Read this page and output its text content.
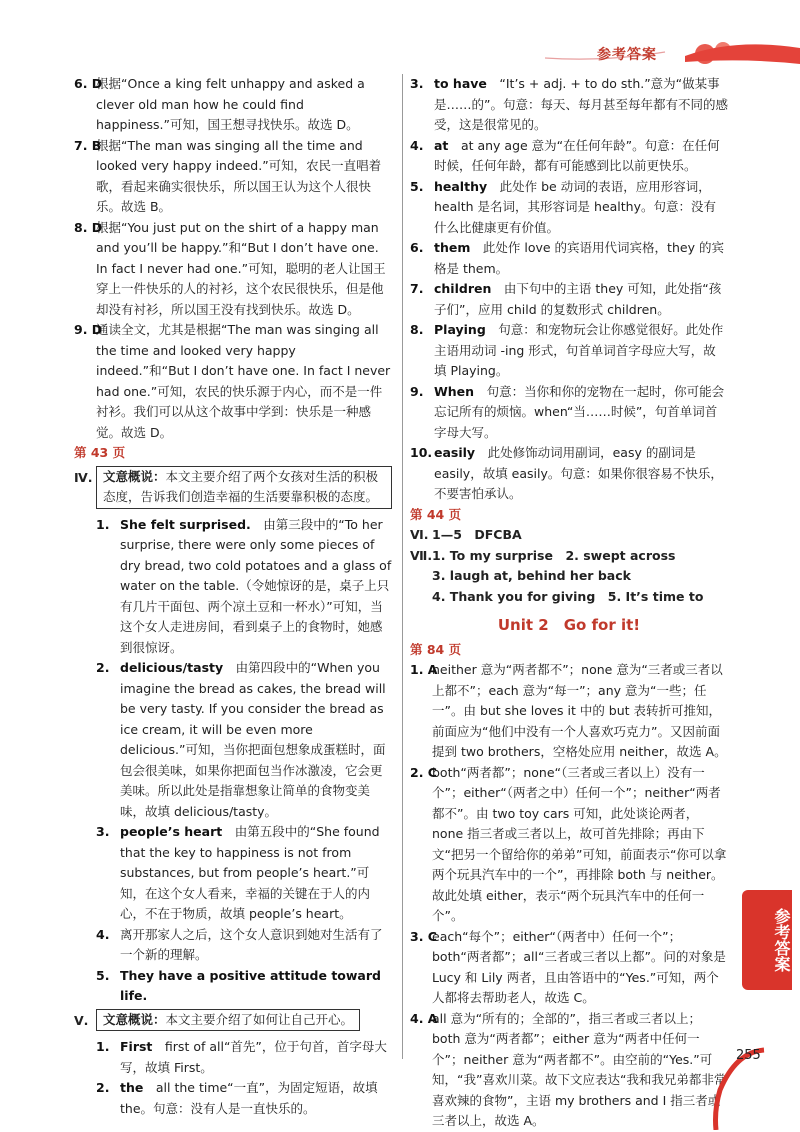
参考答案

6. D
根据“Once a king felt unhappy and asked a clever old man how he could find happiness.”可知，国王想寻找快乐。故选 D。

7. B
根据“The man was singing all the time and looked very happy indeed.”可知，农民一直唱着歌，看起来确实很快乐，所以国王认为这个人很快乐。故选 B。

8. D
根据“You just put on the shirt of a happy man and you’ll be happy.”和“But I don’t have one. In fact I never had one.”可知，聪明的老人让国王穿上一件快乐的人的衬衫，这个农民很快乐，但是他却没有衬衫，所以国王没有找到快乐。故选 D。

9. D
通读全文，尤其是根据“The man was singing all the time and looked very happy indeed.”和“But I don’t have one. In fact I never had one.”可知，农民的快乐源于内心，而不是一件衬衫。我们可以从这个故事中学到：快乐是一种感觉。故选 D。

第 43 页

Ⅳ. 文意概说：本文主要介绍了两个女孩对生活的积极态度，告诉我们创造幸福的生活要靠积极的态度。

1. She felt surprised.　 由第三段中的“To her surprise, there were only some pieces of dry bread, two cold potatoes and a glass of water on the table.（令她惊讶的是，桌子上只有几片干面包、两个凉土豆和一杯水）”可知，当这个女人走进房间，看到桌子上的食物时，她感到很惊讶。

2. delicious/tasty　 由第四段中的“When you imagine the bread as cakes, the bread will be very tasty. If you consider the bread as ice cream, it will be even more delicious.”可知，当你把面包想象成蛋糕时，面包会很美味，如果你把面包当作冰激凌，它会更美味。所以此处是指靠想象让简单的食物变美味，故填 delicious/tasty。

3. people’s heart　 由第五段中的“She found that the key to happiness is not from substances, but from people’s heart.”可知，在这个女人看来，幸福的关键在于人的内心，不在于物质，故填 people’s heart。

4. 离开那家人之后，这个女人意识到她对生活有了一个新的理解。

5. They have a positive attitude toward life.

Ⅴ. 文意概说：本文主要介绍了如何让自己开心。

1. First　 first of all“首先”，位于句首，首字母大写，故填 First。

2. the　 all the time“一直”，为固定短语，故填 the。句意：没有人是一直快乐的。

3. to have　 “It’s + adj. + to do sth.”意为“做某事是……的”。句意：每天、每月甚至每年都有不同的感受，这是很常见的。

4. at　 at any age 意为“在任何年龄”。句意：在任何时候，任何年龄，都有可能感到比以前更快乐。

5. healthy　 此处作 be 动词的表语，应用形容词，health 是名词，其形容词是 healthy。句意：没有什么比健康更有价值。

6. them　 此处作 love 的宾语用代词宾格，they 的宾格是 them。

7. children　 由下句中的主语 they 可知，此处指“孩子们”，应用 child 的复数形式 children。

8. Playing　 句意：和宠物玩会让你感觉很好。此处作主语用动词 -ing 形式，句首单词首字母应大写，故填 Playing。

9. When　 句意：当你和你的宠物在一起时，你可能会忘记所有的烦恼。when“当……时候”，句首单词首字母大写。

10. easily　 此处修饰动词用副词，easy 的副词是 easily，故填 easily。句意：如果你很容易不快乐，不要害怕承认。

第 44 页

Ⅵ. 1—5　DFCBA

Ⅶ. 1. To my surprise　2. swept across

3. laugh at, behind her back

4. Thank you for giving　5. It’s time to

Unit 2　Go for it!

第 84 页

1. A
neither 意为“两者都不”；none 意为“三者或三者以上都不”；each 意为“每一”；any 意为“一些；任一”。由 but she loves it 中的 but 表转折可推知，前面应为“他们中没有一个人喜欢巧克力”。又因前面提到 two brothers，空格处应用 neither，故选 A。

2. C
both“两者都”；none“（三者或三者以上）没有一个”；either“（两者之中）任何一个”；neither“两者都不”。由 two toy cars 可知，此处谈论两者，none 指三者或三者以上，故可首先排除；再由下文“把另一个留给你的弟弟”可知，前面表示“你可以拿两个玩具汽车中的一个”，再排除 both 与 neither。故此处填 either，表示“两个玩具汽车中的任何一个”。

3. C
each“每个”；either“（两者中）任何一个”；both“两者都”；all“三者或三者以上都”。问的对象是 Lucy 和 Lily 两者，且由答语中的“Yes.”可知，两个人都将去帮助老人，故选 C。

4. A
all 意为“所有的；全部的”，指三者或三者以上；both 意为“两者都”；either 意为“两者中任何一个”；neither 意为“两者都不”。由空前的“Yes.”可知，“我”喜欢川菜。故下文应表达“我和我兄弟都非常喜欢辣的食物”，主语 my brothers and I 指三者或三者以上，故选 A。

参考答案
255
